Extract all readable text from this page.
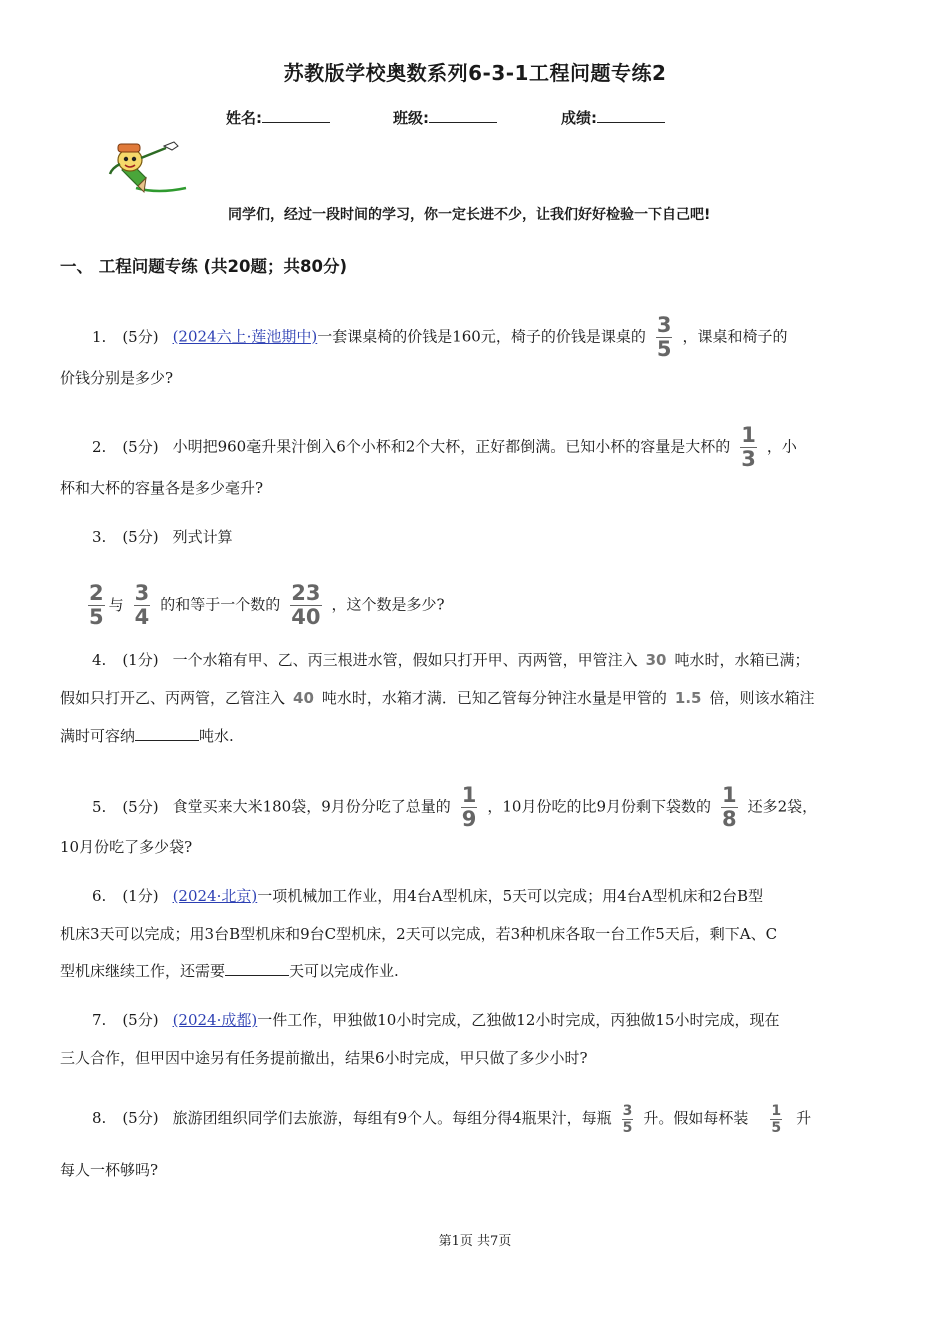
苏教版学校奥数系列6-3-1工程问题专练2
姓名:	班级:	成绩:
同学们，经过一段时间的学习，你一定长进不少，让我们好好检验一下自己吧!
一、 工程问题专练 (共20题；共80分)
1. (5分) (2024六上·莲池期中)一套课桌椅的价钱是160元，椅子的价钱是课桌的 $\frac{3}{5}$ ，课桌和椅子的
价钱分别是多少?
2. (5分) 小明把960毫升果汁倒入6个小杯和2个大杯，正好都倒满。已知小杯的容量是大杯的 $\frac{1}{3}$ ，小
杯和大杯的容量各是多少毫升?
3. (5分) 列式计算
$\frac{2}{5}$ 与 $\frac{3}{4}$ 的和等于一个数的 $\frac{23}{40}$ ，这个数是多少?
4. (1分) 一个水箱有甲、乙、丙三根进水管，假如只打开甲、丙两管，甲管注入 30 吨水时，水箱已满；
假如只打开乙、丙两管，乙管注入 40 吨水时，水箱才满．已知乙管每分钟注水量是甲管的 1.5 倍，则该水箱注
满时可容纳	吨水.
5. (5分) 食堂买来大米180袋，9月份分吃了总量的 $\frac{1}{9}$ ，10月份吃的比9月份剩下袋数的 $\frac{1}{8}$ 还多2袋，
10月份吃了多少袋?
6. (1分) (2024·北京)一项机械加工作业，用4台A型机床，5天可以完成；用4台A型机床和2台B型
机床3天可以完成；用3台B型机床和9台C型机床，2天可以完成，若3种机床各取一台工作5天后，剩下A、C
型机床继续工作，还需要	天可以完成作业.
7. (5分) (2024·成都)一件工作，甲独做10小时完成，乙独做12小时完成，丙独做15小时完成，现在
三人合作，但甲因中途另有任务提前撤出，结果6小时完成，甲只做了多少小时?
8. (5分) 旅游团组织同学们去旅游，每组有9个人。每组分得4瓶果汁，每瓶 $\frac{3}{5}$ 升。假如每杯装 $\frac{1}{5}$ 升
每人一杯够吗?
第1页 共7页
